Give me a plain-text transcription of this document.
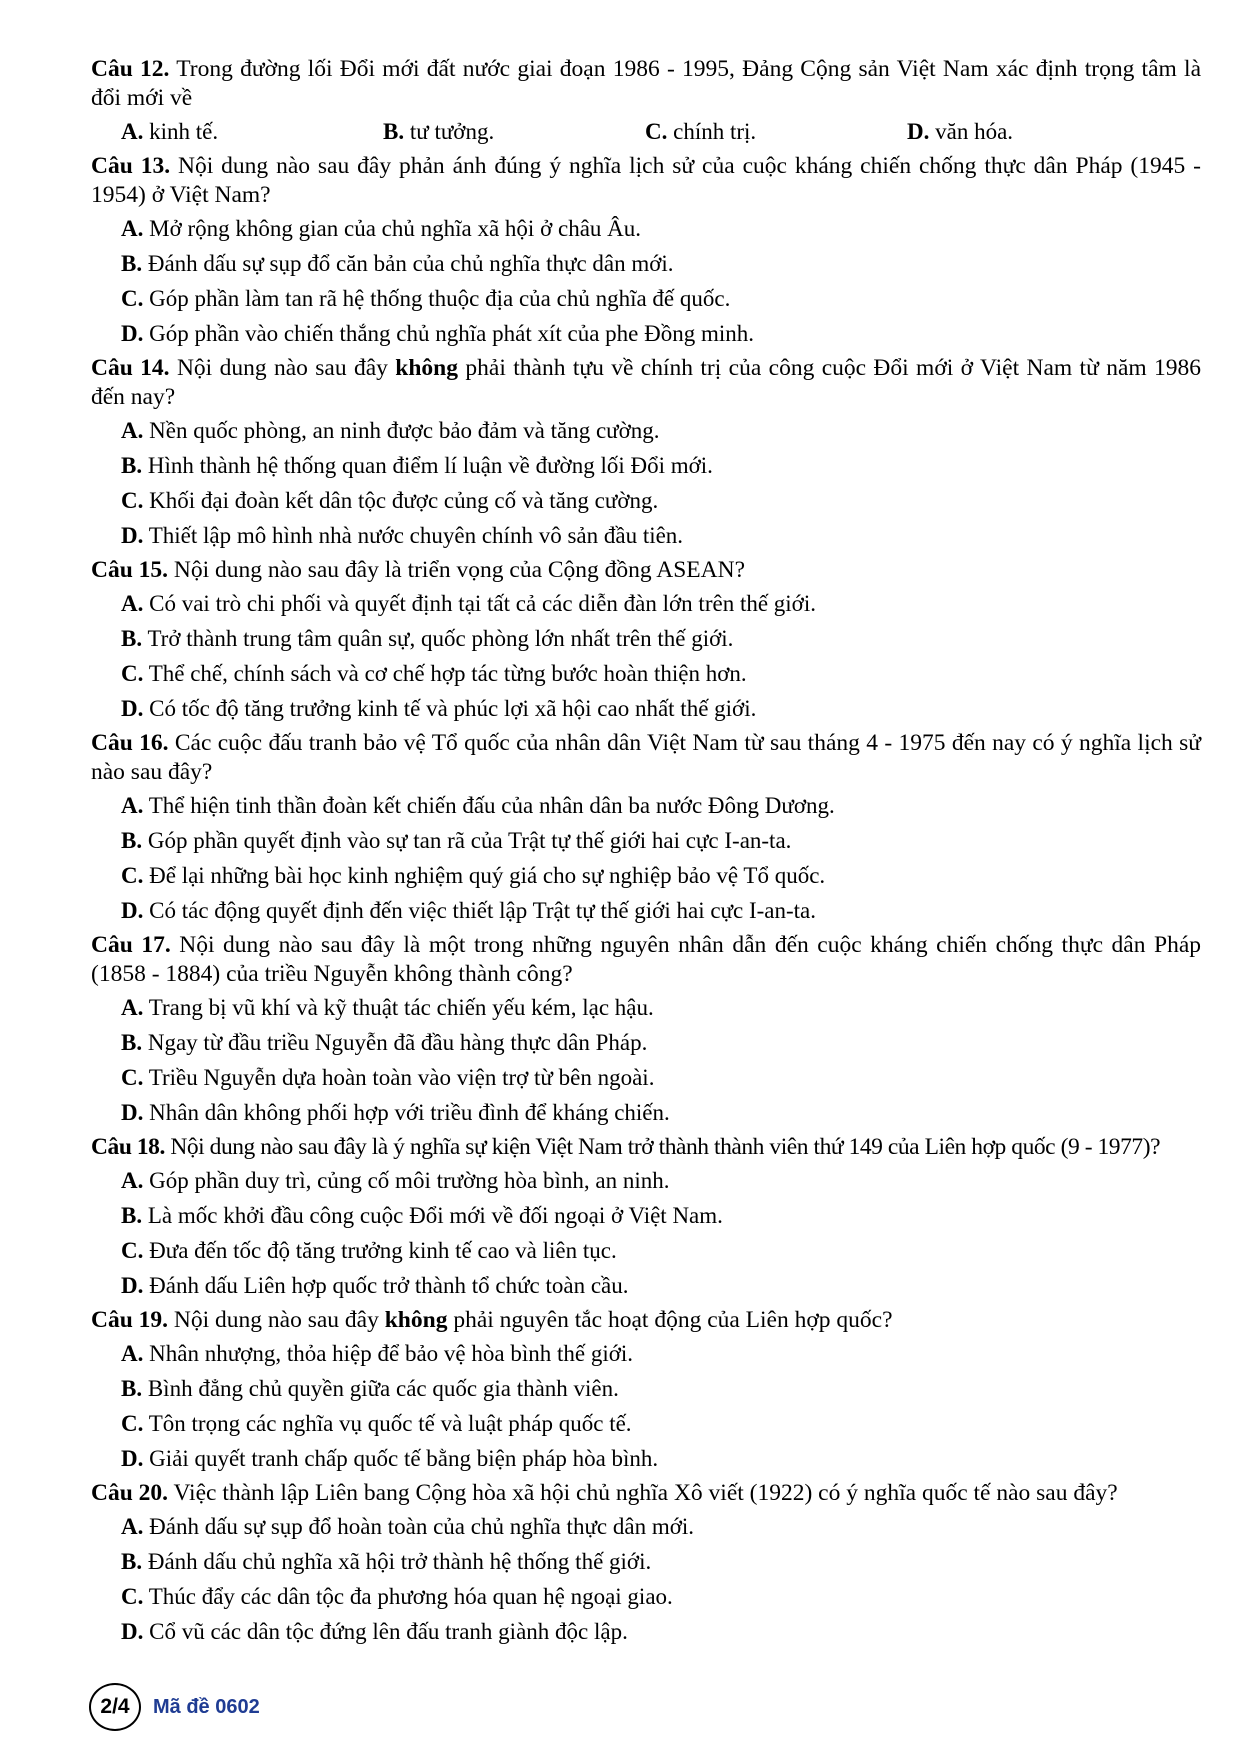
Câu 12. Trong đường lối Đổi mới đất nước giai đoạn 1986 - 1995, Đảng Cộng sản Việt Nam xác định trọng tâm là đổi mới về

A. kinh tế.	B. tư tưởng.	C. chính trị.	D. văn hóa.

Câu 13. Nội dung nào sau đây phản ánh đúng ý nghĩa lịch sử của cuộc kháng chiến chống thực dân Pháp (1945 - 1954) ở Việt Nam?

A. Mở rộng không gian của chủ nghĩa xã hội ở châu Âu.

B. Đánh dấu sự sụp đổ căn bản của chủ nghĩa thực dân mới.

C. Góp phần làm tan rã hệ thống thuộc địa của chủ nghĩa đế quốc.

D. Góp phần vào chiến thắng chủ nghĩa phát xít của phe Đồng minh.

Câu 14. Nội dung nào sau đây không phải thành tựu về chính trị của công cuộc Đổi mới ở Việt Nam từ năm 1986 đến nay?

A. Nền quốc phòng, an ninh được bảo đảm và tăng cường.

B. Hình thành hệ thống quan điểm lí luận về đường lối Đổi mới.

C. Khối đại đoàn kết dân tộc được củng cố và tăng cường.

D. Thiết lập mô hình nhà nước chuyên chính vô sản đầu tiên.

Câu 15. Nội dung nào sau đây là triển vọng của Cộng đồng ASEAN?

A. Có vai trò chi phối và quyết định tại tất cả các diễn đàn lớn trên thế giới.

B. Trở thành trung tâm quân sự, quốc phòng lớn nhất trên thế giới.

C. Thể chế, chính sách và cơ chế hợp tác từng bước hoàn thiện hơn.

D. Có tốc độ tăng trưởng kinh tế và phúc lợi xã hội cao nhất thế giới.

Câu 16. Các cuộc đấu tranh bảo vệ Tổ quốc của nhân dân Việt Nam từ sau tháng 4 - 1975 đến nay có ý nghĩa lịch sử nào sau đây?

A. Thể hiện tinh thần đoàn kết chiến đấu của nhân dân ba nước Đông Dương.

B. Góp phần quyết định vào sự tan rã của Trật tự thế giới hai cực I-an-ta.

C. Để lại những bài học kinh nghiệm quý giá cho sự nghiệp bảo vệ Tổ quốc.

D. Có tác động quyết định đến việc thiết lập Trật tự thế giới hai cực I-an-ta.

Câu 17. Nội dung nào sau đây là một trong những nguyên nhân dẫn đến cuộc kháng chiến chống thực dân Pháp (1858 - 1884) của triều Nguyễn không thành công?

A. Trang bị vũ khí và kỹ thuật tác chiến yếu kém, lạc hậu.

B. Ngay từ đầu triều Nguyễn đã đầu hàng thực dân Pháp.

C. Triều Nguyễn dựa hoàn toàn vào viện trợ từ bên ngoài.

D. Nhân dân không phối hợp với triều đình để kháng chiến.

Câu 18. Nội dung nào sau đây là ý nghĩa sự kiện Việt Nam trở thành thành viên thứ 149 của Liên hợp quốc (9 - 1977)?

A. Góp phần duy trì, củng cố môi trường hòa bình, an ninh.

B. Là mốc khởi đầu công cuộc Đổi mới về đối ngoại ở Việt Nam.

C. Đưa đến tốc độ tăng trưởng kinh tế cao và liên tục.

D. Đánh dấu Liên hợp quốc trở thành tổ chức toàn cầu.

Câu 19. Nội dung nào sau đây không phải nguyên tắc hoạt động của Liên hợp quốc?

A. Nhân nhượng, thỏa hiệp để bảo vệ hòa bình thế giới.

B. Bình đẳng chủ quyền giữa các quốc gia thành viên.

C. Tôn trọng các nghĩa vụ quốc tế và luật pháp quốc tế.

D. Giải quyết tranh chấp quốc tế bằng biện pháp hòa bình.

Câu 20. Việc thành lập Liên bang Cộng hòa xã hội chủ nghĩa Xô viết (1922) có ý nghĩa quốc tế nào sau đây?

A. Đánh dấu sự sụp đổ hoàn toàn của chủ nghĩa thực dân mới.

B. Đánh dấu chủ nghĩa xã hội trở thành hệ thống thế giới.

C. Thúc đẩy các dân tộc đa phương hóa quan hệ ngoại giao.

D. Cổ vũ các dân tộc đứng lên đấu tranh giành độc lập.

2/4	Mã đề 0602
